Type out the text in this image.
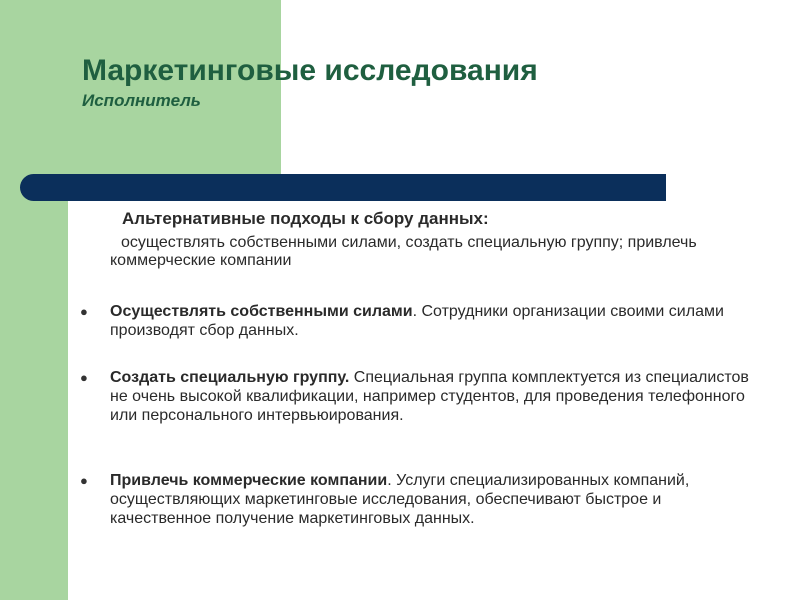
Маркетинговые исследования
Исполнитель
Альтернативные подходы к сбору данных:
осуществлять собственными силами, создать специальную группу; привлечь коммерческие компании
● Осуществлять собственными силами. Сотрудники организации своими силами производят сбор данных.
● Создать специальную группу. Специальная группа комплектуется из специалистов не очень высокой квалификации, например студентов, для проведения телефонного или персонального интервьюирования.
● Привлечь коммерческие компании. Услуги специализированных компаний, осуществляющих маркетинговые исследования, обеспечивают быстрое и качественное получение маркетинговых данных.
